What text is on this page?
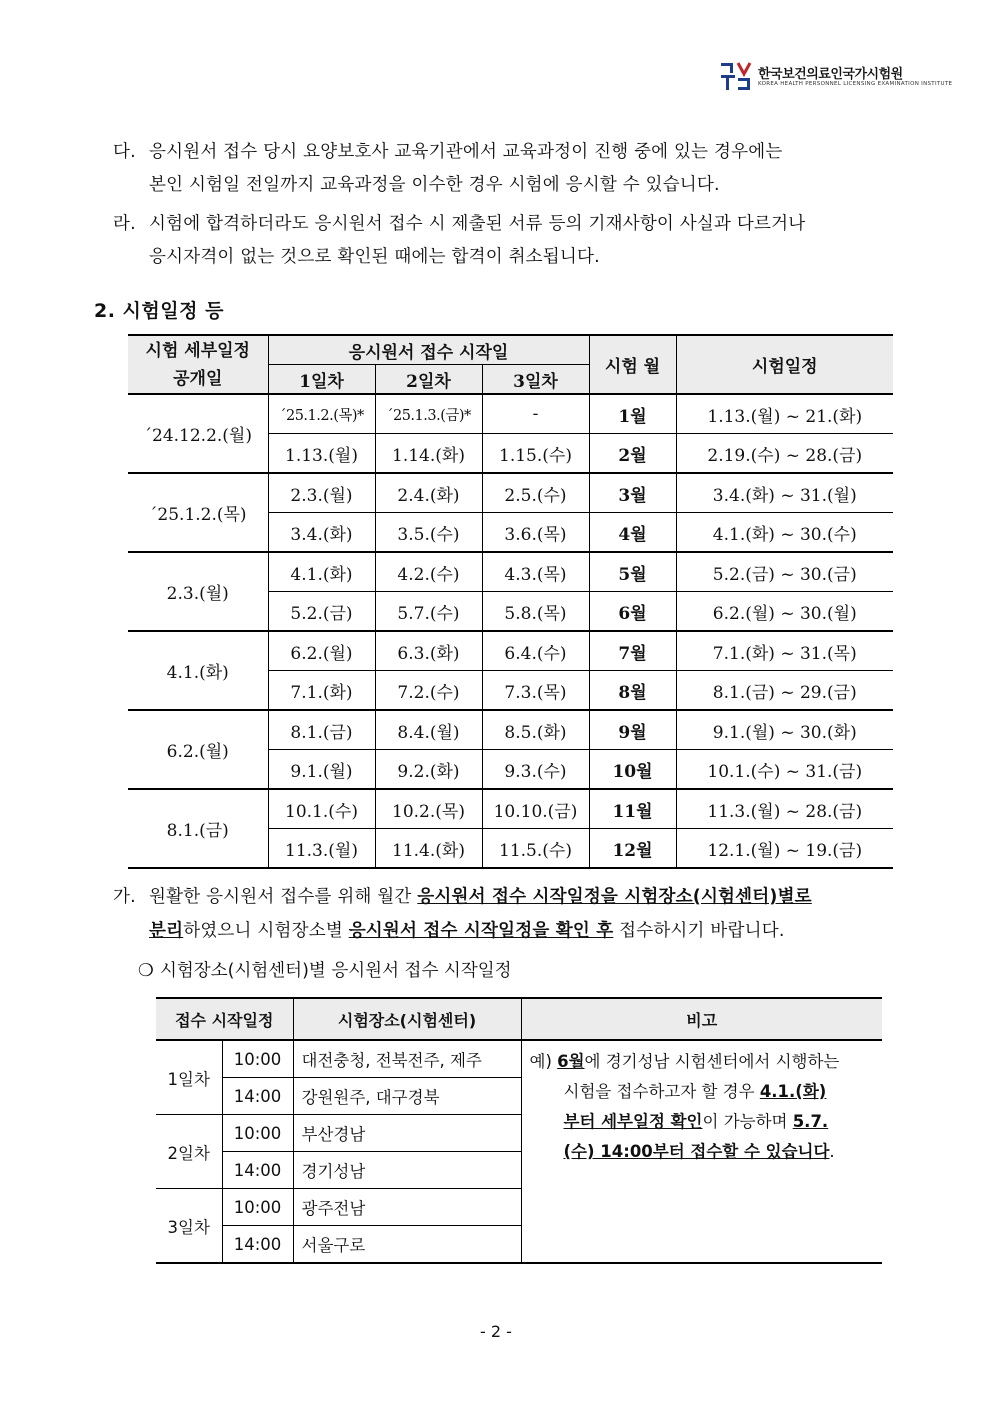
한국보건의료인국가시험원
KOREA HEALTH PERSONNEL LICENSING EXAMINATION INSTITUTE
다. 응시원서 접수 당시 요양보호사 교육기관에서 교육과정이 진행 중에 있는 경우에는
본인 시험일 전일까지 교육과정을 이수한 경우 시험에 응시할 수 있습니다.
라. 시험에 합격하더라도 응시원서 접수 시 제출된 서류 등의 기재사항이 사실과 다르거나
응시자격이 없는 것으로 확인된 때에는 합격이 취소됩니다.
2. 시험일정 등
시험 세부일정
공개일	응시원서 접수 시작일			시험 월	시험일정
	1일차	2일차	3일차		
´24.12.2.(월)	´25.1.2.(목)*	´25.1.3.(금)*	-	1월	1.13.(월) ~ 21.(화)
	1.13.(월)	1.14.(화)	1.15.(수)	2월	2.19.(수) ~ 28.(금)
´25.1.2.(목)	2.3.(월)	2.4.(화)	2.5.(수)	3월	3.4.(화) ~ 31.(월)
	3.4.(화)	3.5.(수)	3.6.(목)	4월	4.1.(화) ~ 30.(수)
2.3.(월)	4.1.(화)	4.2.(수)	4.3.(목)	5월	5.2.(금) ~ 30.(금)
	5.2.(금)	5.7.(수)	5.8.(목)	6월	6.2.(월) ~ 30.(월)
4.1.(화)	6.2.(월)	6.3.(화)	6.4.(수)	7월	7.1.(화) ~ 31.(목)
	7.1.(화)	7.2.(수)	7.3.(목)	8월	8.1.(금) ~ 29.(금)
6.2.(월)	8.1.(금)	8.4.(월)	8.5.(화)	9월	9.1.(월) ~ 30.(화)
	9.1.(월)	9.2.(화)	9.3.(수)	10월	10.1.(수) ~ 31.(금)
8.1.(금)	10.1.(수)	10.2.(목)	10.10.(금)	11월	11.3.(월) ~ 28.(금)
	11.3.(월)	11.4.(화)	11.5.(수)	12월	12.1.(월) ~ 19.(금)
가. 원활한 응시원서 접수를 위해 월간 응시원서 접수 시작일정을 시험장소(시험센터)별로
분리하였으니 시험장소별 응시원서 접수 시작일정을 확인 후 접수하시기 바랍니다.
❍ 시험장소(시험센터)별 응시원서 접수 시작일정
접수 시작일정		시험장소(시험센터)	비고
1일차	10:00	대전충청, 전북전주, 제주	예) 6월에 경기성남 시험센터에서 시행하는
시험을 접수하고자 할 경우 4.1.(화)
부터 세부일정 확인이 가능하며 5.7.
(수) 14:00부터 접수할 수 있습니다.

	14:00	강원원주, 대구경북	
2일차	10:00	부산경남	
	14:00	경기성남	
3일차	10:00	광주전남	
	14:00	서울구로	
- 2 -
